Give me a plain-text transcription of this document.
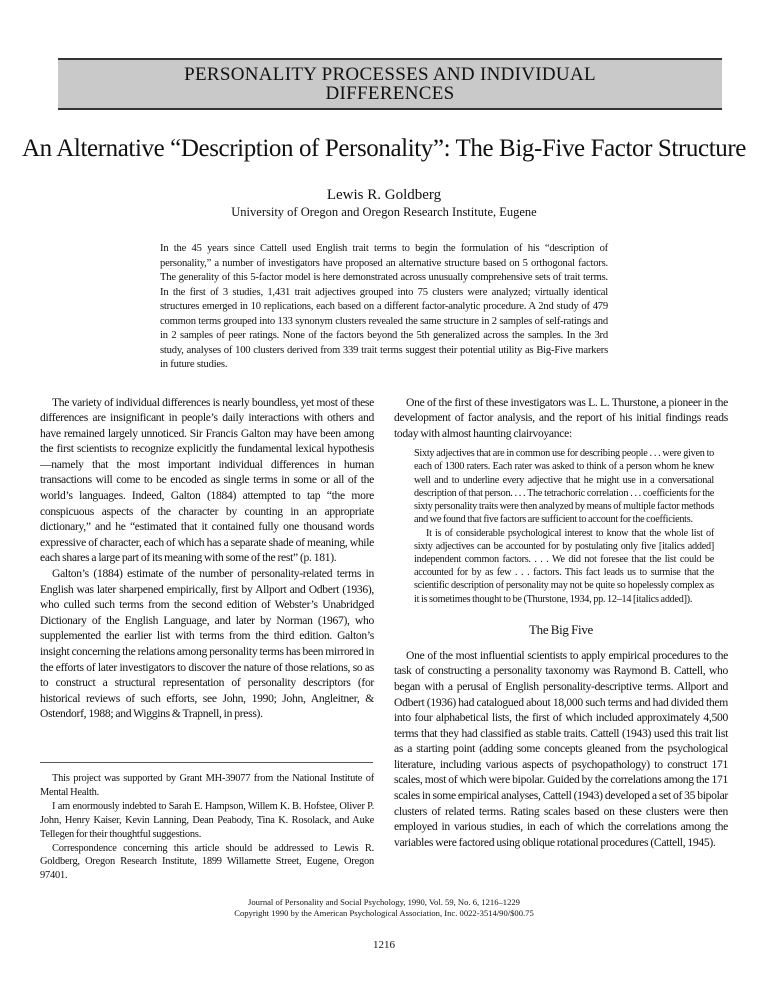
PERSONALITY PROCESSES AND INDIVIDUAL
DIFFERENCES
An Alternative “Description of Personality”: The Big-Five Factor Structure
Lewis R. Goldberg
University of Oregon and Oregon Research Institute, Eugene
In the 45 years since Cattell used English trait terms to begin the formulation of his “description of personality,” a number of investigators have proposed an alternative structure based on 5 orthogonal factors. The generality of this 5-factor model is here demonstrated across unusually comprehensive sets of trait terms. In the first of 3 studies, 1,431 trait adjectives grouped into 75 clusters were analyzed; virtually identical structures emerged in 10 replications, each based on a different factor-analytic procedure. A 2nd study of 479 common terms grouped into 133 synonym clusters revealed the same structure in 2 samples of self-ratings and in 2 samples of peer ratings. None of the factors beyond the 5th generalized across the samples. In the 3rd study, analyses of 100 clusters derived from 339 trait terms suggest their potential utility as Big-Five markers in future studies.

The variety of individual differences is nearly boundless, yet most of these differences are insignificant in people’s daily interactions with others and have remained largely unnoticed. Sir Francis Galton may have been among the first scientists to recognize explicitly the fundamental lexical hypothesis—namely that the most important individual differences in human transactions will come to be encoded as single terms in some or all of the world’s languages. Indeed, Galton (1884) attempted to tap “the more conspicuous aspects of the character by counting in an appropriate dictionary,” and he “estimated that it contained fully one thousand words expressive of character, each of which has a separate shade of meaning, while each shares a large part of its meaning with some of the rest” (p. 181).

Galton’s (1884) estimate of the number of personality-related terms in English was later sharpened empirically, first by Allport and Odbert (1936), who culled such terms from the second edition of Webster’s Unabridged Dictionary of the English Language, and later by Norman (1967), who supplemented the earlier list with terms from the third edition. Galton’s insight concerning the relations among personality terms has been mirrored in the efforts of later investigators to discover the nature of those relations, so as to construct a structural representation of personality descriptors (for historical reviews of such efforts, see John, 1990; John, Angleitner, & Ostendorf, 1988; and Wiggins & Trapnell, in press).

This project was supported by Grant MH-39077 from the National Institute of Mental Health.

I am enormously indebted to Sarah E. Hampson, Willem K. B. Hofstee, Oliver P. John, Henry Kaiser, Kevin Lanning, Dean Peabody, Tina K. Rosolack, and Auke Tellegen for their thoughtful suggestions.

Correspondence concerning this article should be addressed to Lewis R. Goldberg, Oregon Research Institute, 1899 Willamette Street, Eugene, Oregon 97401.

One of the first of these investigators was L. L. Thurstone, a pioneer in the development of factor analysis, and the report of his initial findings reads today with almost haunting clairvoyance:

Sixty adjectives that are in common use for describing people . . . were given to each of 1300 raters. Each rater was asked to think of a person whom he knew well and to underline every adjective that he might use in a conversational description of that person. . . . The tetrachoric correlation . . . coefficients for the sixty personality traits were then analyzed by means of multiple factor methods and we found that five factors are sufficient to account for the coefficients.

It is of considerable psychological interest to know that the whole list of sixty adjectives can be accounted for by postulating only five [italics added] independent common factors. . . . We did not foresee that the list could be accounted for by as few . . . factors. This fact leads us to surmise that the scientific description of personality may not be quite so hopelessly complex as it is sometimes thought to be (Thurstone, 1934, pp. 12–14 [italics added]).

The Big Five

One of the most influential scientists to apply empirical procedures to the task of constructing a personality taxonomy was Raymond B. Cattell, who began with a perusal of English personality-descriptive terms. Allport and Odbert (1936) had catalogued about 18,000 such terms and had divided them into four alphabetical lists, the first of which included approximately 4,500 terms that they had classified as stable traits. Cattell (1943) used this trait list as a starting point (adding some concepts gleaned from the psychological literature, including various aspects of psychopathology) to construct 171 scales, most of which were bipolar. Guided by the correlations among the 171 scales in some empirical analyses, Cattell (1943) developed a set of 35 bipolar clusters of related terms. Rating scales based on these clusters were then employed in various studies, in each of which the correlations among the variables were factored using oblique rotational procedures (Cattell, 1945).

Journal of Personality and Social Psychology, 1990, Vol. 59, No. 6, 1216–1229
Copyright 1990 by the American Psychological Association, Inc. 0022-3514/90/$00.75
1216
